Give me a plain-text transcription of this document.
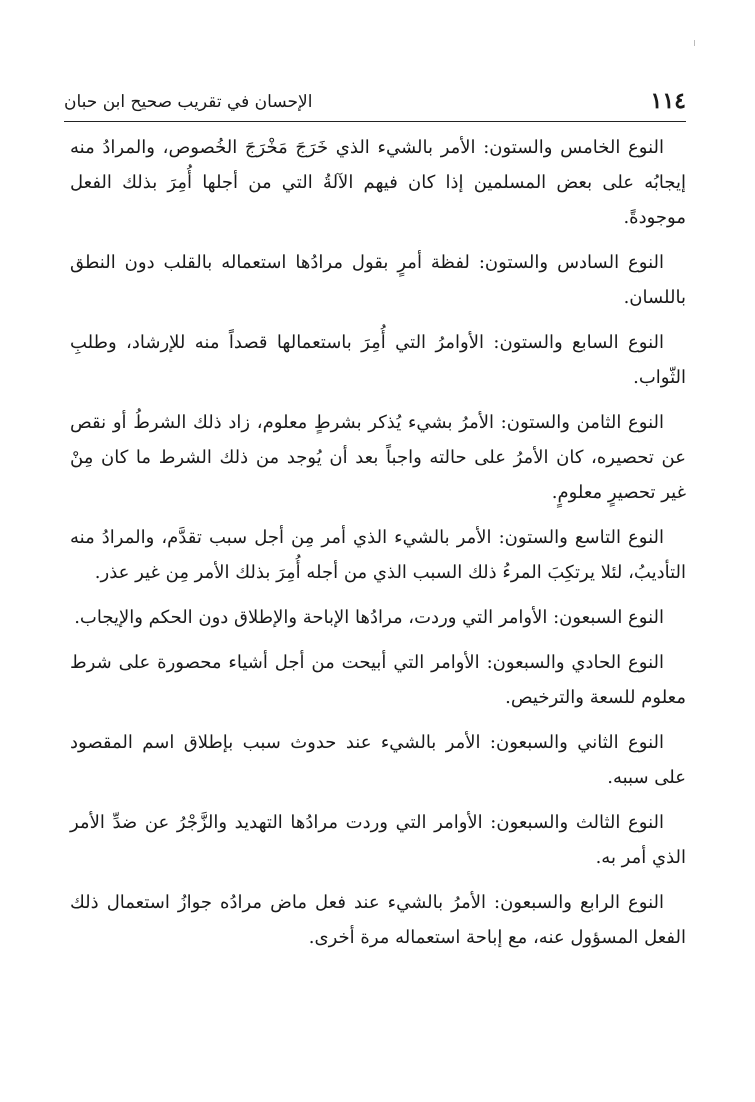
١١٤
الإحسان في تقريب صحيح ابن حبان

النوع الخامس والستون: الأمر بالشيء الذي خَرَجَ مَخْرَجَ الخُصوص، والمرادُ منه إيجابُه على بعض المسلمين إذا كان فيهم الآلةُ التي من أجلها أُمِرَ بذلك الفعل موجودةً.

النوع السادس والستون: لفظة أمرٍ بقول مرادُها استعماله بالقلب دون النطق باللسان.

النوع السابع والستون: الأوامرُ التي أُمِرَ باستعمالها قصداً منه للإرشاد، وطلبِ الثّواب.

النوع الثامن والستون: الأمرُ بشيء يُذكر بشرطٍ معلوم، زاد ذلك الشرطُ أو نقص عن تحصيره، كان الأمرُ على حالته واجباً بعد أن يُوجد من ذلك الشرط ما كان مِنْ غير تحصيرٍ معلومٍ.

النوع التاسع والستون: الأمر بالشيء الذي أمر مِن أجل سبب تقدَّم، والمرادُ منه التأديبُ، لئلا يرتكِبَ المرءُ ذلك السبب الذي من أجله أُمِرَ بذلك الأمر مِن غير عذر.

النوع السبعون: الأوامر التي وردت، مرادُها الإباحة والإطلاق دون الحكم والإيجاب.

النوع الحادي والسبعون: الأوامر التي أبيحت من أجل أشياء محصورة على شرط معلوم للسعة والترخيص.

النوع الثاني والسبعون: الأمر بالشيء عند حدوث سبب بإطلاق اسم المقصود على سببه.

النوع الثالث والسبعون: الأوامر التي وردت مرادُها التهديد والزَّجْرُ عن ضدِّ الأمر الذي أمر به.

النوع الرابع والسبعون: الأمرُ بالشيء عند فعل ماض مرادُه جوازُ استعمال ذلك الفعل المسؤول عنه، مع إباحة استعماله مرة أخرى.
